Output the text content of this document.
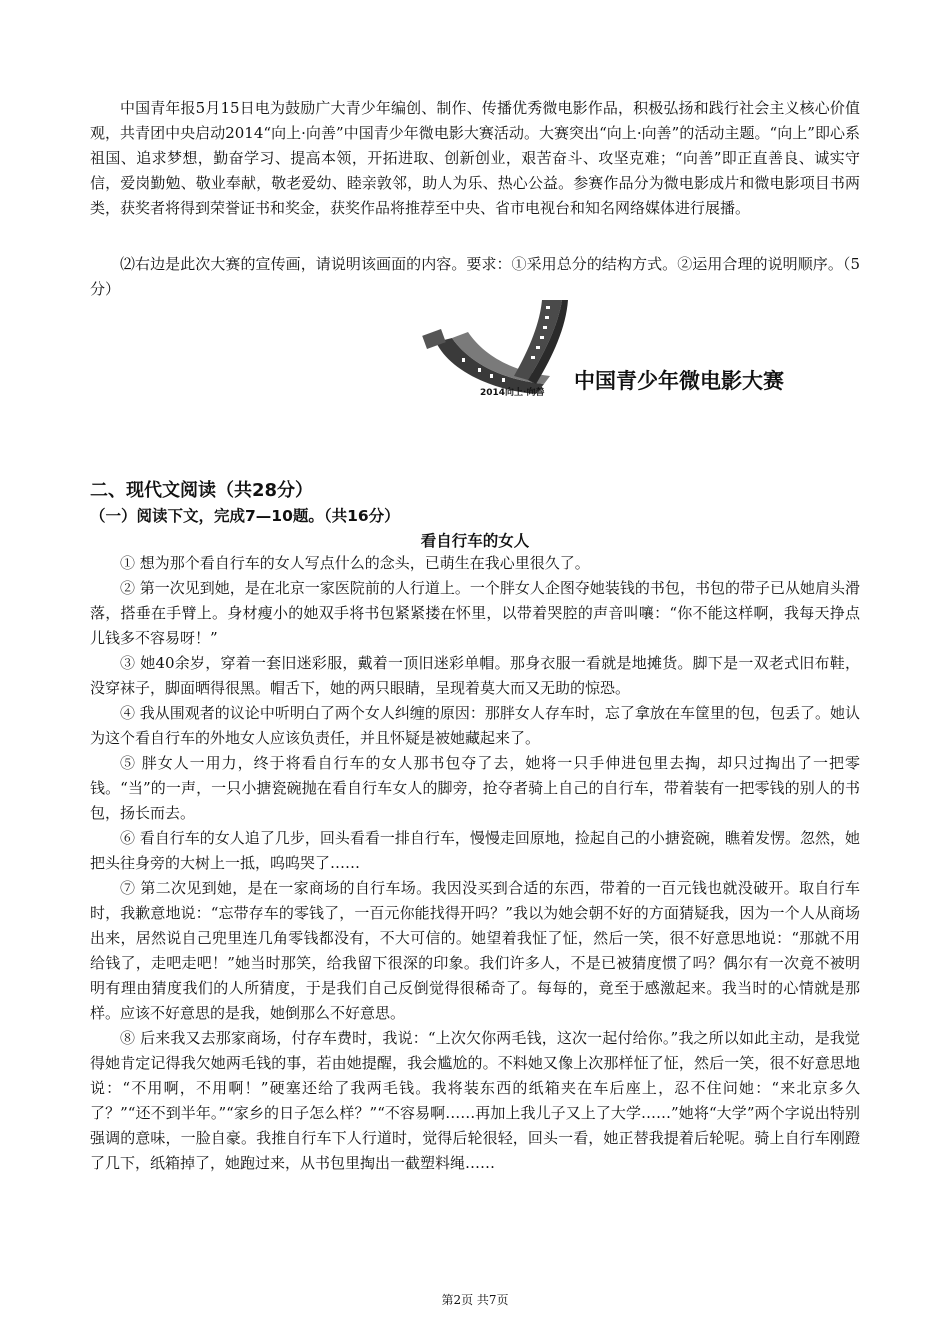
中国青年报5月15日电为鼓励广大青少年编创、制作、传播优秀微电影作品，积极弘扬和践行社会主义核心价值观，共青团中央启动2014“向上·向善”中国青少年微电影大赛活动。大赛突出“向上·向善”的活动主题。“向上”即心系祖国、追求梦想，勤奋学习、提高本领，开拓进取、创新创业，艰苦奋斗、攻坚克难；“向善”即正直善良、诚实守信，爱岗勤勉、敬业奉献，敬老爱幼、睦亲敦邻，助人为乐、热心公益。参赛作品分为微电影成片和微电影项目书两类，获奖者将得到荣誉证书和奖金，获奖作品将推荐至中央、省市电视台和知名网络媒体进行展播。

⑵右边是此次大赛的宣传画，请说明该画面的内容。要求：①采用总分的结构方式。②运用合理的说明顺序。（5分）

2014向上·向善 中国青少年微电影大赛
二、现代文阅读（共28分）
（一）阅读下文，完成7—10题。（共16分）
看自行车的女人

① 想为那个看自行车的女人写点什么的念头，已萌生在我心里很久了。

② 第一次见到她，是在北京一家医院前的人行道上。一个胖女人企图夺她装钱的书包，书包的带子已从她肩头滑落，搭垂在手臂上。身材瘦小的她双手将书包紧紧搂在怀里，以带着哭腔的声音叫嚷：“你不能这样啊，我每天挣点儿钱多不容易呀！”

③ 她40余岁，穿着一套旧迷彩服，戴着一顶旧迷彩单帽。那身衣服一看就是地摊货。脚下是一双老式旧布鞋，没穿袜子，脚面晒得很黑。帽舌下，她的两只眼睛，呈现着莫大而又无助的惊恐。

④ 我从围观者的议论中听明白了两个女人纠缠的原因：那胖女人存车时，忘了拿放在车筐里的包，包丢了。她认为这个看自行车的外地女人应该负责任，并且怀疑是被她藏起来了。

⑤ 胖女人一用力，终于将看自行车的女人那书包夺了去，她将一只手伸进包里去掏，却只过掏出了一把零钱。“当”的一声，一只小搪瓷碗抛在看自行车女人的脚旁，抢夺者骑上自己的自行车，带着装有一把零钱的别人的书包，扬长而去。

⑥ 看自行车的女人追了几步，回头看看一排自行车，慢慢走回原地，捡起自己的小搪瓷碗，瞧着发愣。忽然，她把头往身旁的大树上一抵，呜呜哭了……

⑦ 第二次见到她，是在一家商场的自行车场。我因没买到合适的东西，带着的一百元钱也就没破开。取自行车时，我歉意地说：“忘带存车的零钱了，一百元你能找得开吗？”我以为她会朝不好的方面猜疑我，因为一个人从商场出来，居然说自己兜里连几角零钱都没有，不大可信的。她望着我怔了怔，然后一笑，很不好意思地说：“那就不用给钱了，走吧走吧！”她当时那笑，给我留下很深的印象。我们许多人，不是已被猜度惯了吗？偶尔有一次竟不被明明有理由猜度我们的人所猜度，于是我们自己反倒觉得很稀奇了。每每的，竟至于感激起来。我当时的心情就是那样。应该不好意思的是我，她倒那么不好意思。

⑧ 后来我又去那家商场，付存车费时，我说：“上次欠你两毛钱，这次一起付给你。”我之所以如此主动，是我觉得她肯定记得我欠她两毛钱的事，若由她提醒，我会尴尬的。不料她又像上次那样怔了怔，然后一笑，很不好意思地说：“不用啊，不用啊！”硬塞还给了我两毛钱。我将装东西的纸箱夹在车后座上，忍不住问她：“来北京多久了？”“还不到半年。”“家乡的日子怎么样？”“不容易啊……再加上我儿子又上了大学……”她将“大学”两个字说出特别强调的意味，一脸自豪。我推自行车下人行道时，觉得后轮很轻，回头一看，她正替我提着后轮呢。骑上自行车刚蹬了几下，纸箱掉了，她跑过来，从书包里掏出一截塑料绳……

第2页 共7页
